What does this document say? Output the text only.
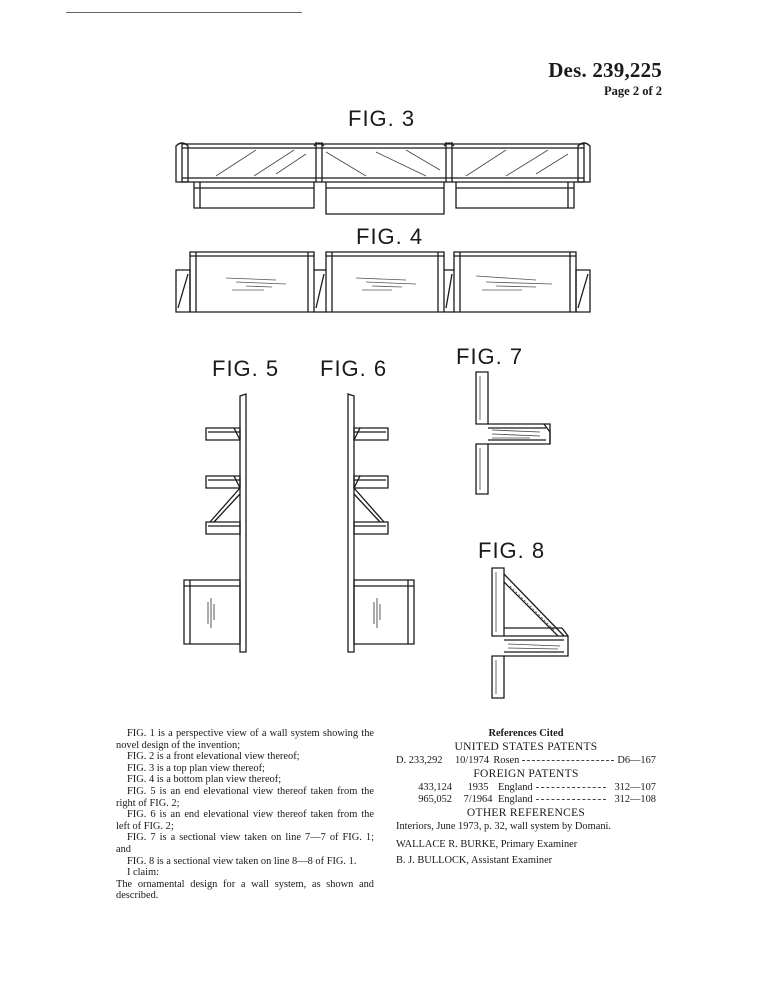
Des. 239,225
Page 2 of 2
FIG. 3
FIG. 4
FIG. 5 FIG. 6	FIG. 7
FIG. 8

FIG. 1 is a perspective view of a wall system showing the novel design of the invention;

FIG. 2 is a front elevational view thereof;

FIG. 3 is a top plan view thereof;

FIG. 4 is a bottom plan view thereof;

FIG. 5 is an end elevational view thereof taken from the right of FIG. 2;

FIG. 6 is an end elevational view thereof taken from the left of FIG. 2;

FIG. 7 is a sectional view taken on line 7—7 of FIG. 1; and

FIG. 8 is a sectional view taken on line 8—8 of FIG. 1.

I claim:

The ornamental design for a wall system, as shown and described.

References Cited
UNITED STATES PATENTS
D. 233,292	10/1974	Rosen	D6—167
FOREIGN PATENTS
433,124	1935	England	312—107
965,052	7/1964	England	312—108
OTHER REFERENCES
Interiors, June 1973, p. 32, wall system by Domani.
WALLACE R. BURKE, Primary Examiner
B. J. BULLOCK, Assistant Examiner
